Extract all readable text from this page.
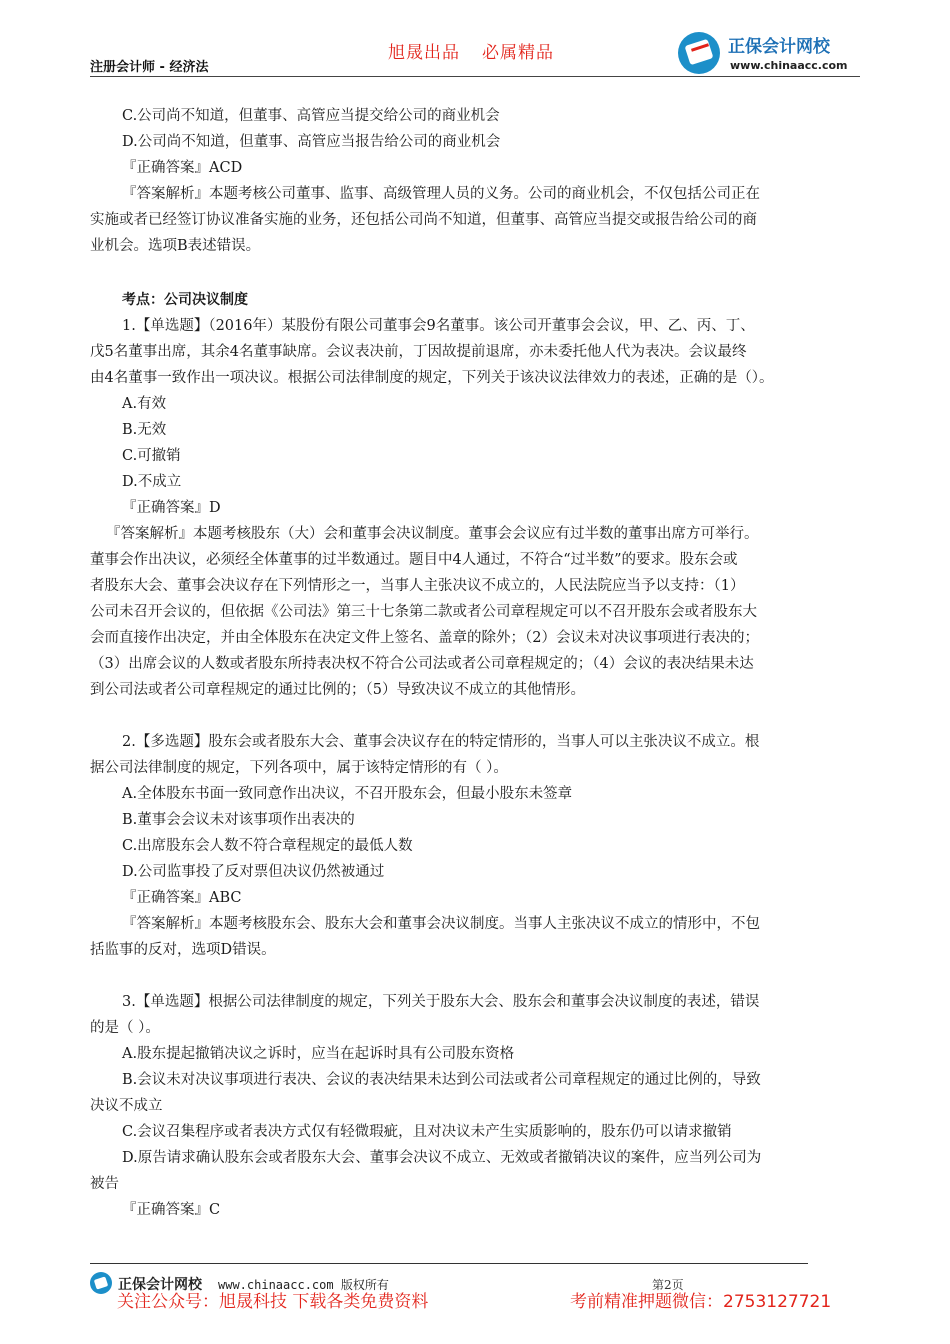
注册会计师 - 经济法
旭晟出品 必属精品	正保会计网校
www.chinaacc.com
C.公司尚不知道，但董事、高管应当提交给公司的商业机会
D.公司尚不知道，但董事、高管应当报告给公司的商业机会
『正确答案』ACD
『答案解析』本题考核公司董事、监事、高级管理人员的义务。公司的商业机会，不仅包括公司正在
实施或者已经签订协议准备实施的业务，还包括公司尚不知道，但董事、高管应当提交或报告给公司的商
业机会。选项B表述错误。
考点：公司决议制度
1.【单选题】（2016年）某股份有限公司董事会9名董事。该公司开董事会会议，甲、乙、丙、丁、
戊5名董事出席，其余4名董事缺席。会议表决前，丁因故提前退席，亦未委托他人代为表决。会议最终
由4名董事一致作出一项决议。根据公司法律制度的规定，下列关于该决议法律效力的表述，正确的是（）。
A.有效
B.无效
C.可撤销
D.不成立
『正确答案』D
『答案解析』本题考核股东（大）会和董事会决议制度。董事会会议应有过半数的董事出席方可举行。
董事会作出决议，必须经全体董事的过半数通过。题目中4人通过，不符合“过半数”的要求。股东会或
者股东大会、董事会决议存在下列情形之一，当事人主张决议不成立的，人民法院应当予以支持：（1）
公司未召开会议的，但依据《公司法》第三十七条第二款或者公司章程规定可以不召开股东会或者股东大
会而直接作出决定，并由全体股东在决定文件上签名、盖章的除外；（2）会议未对决议事项进行表决的；
（3）出席会议的人数或者股东所持表决权不符合公司法或者公司章程规定的；（4）会议的表决结果未达
到公司法或者公司章程规定的通过比例的；（5）导致决议不成立的其他情形。
2.【多选题】股东会或者股东大会、董事会决议存在的特定情形的，当事人可以主张决议不成立。根
据公司法律制度的规定，下列各项中，属于该特定情形的有（ ）。
A.全体股东书面一致同意作出决议，不召开股东会，但最小股东未签章
B.董事会会议未对该事项作出表决的
C.出席股东会人数不符合章程规定的最低人数
D.公司监事投了反对票但决议仍然被通过
『正确答案』ABC
『答案解析』本题考核股东会、股东大会和董事会决议制度。当事人主张决议不成立的情形中，不包
括监事的反对，选项D错误。
3.【单选题】根据公司法律制度的规定，下列关于股东大会、股东会和董事会决议制度的表述，错误
的是（ ）。
A.股东提起撤销决议之诉时，应当在起诉时具有公司股东资格
B.会议未对决议事项进行表决、会议的表决结果未达到公司法或者公司章程规定的通过比例的，导致
决议不成立
C.会议召集程序或者表决方式仅有轻微瑕疵，且对决议未产生实质影响的，股东仍可以请求撤销
D.原告请求确认股东会或者股东大会、董事会决议不成立、无效或者撤销决议的案件，应当列公司为
被告
『正确答案』C
正保会计网校 www.chinaacc.com 版权所有	第2页
关注公众号：旭晟科技 下载各类免费资料	考前精准押题微信：2753127721
